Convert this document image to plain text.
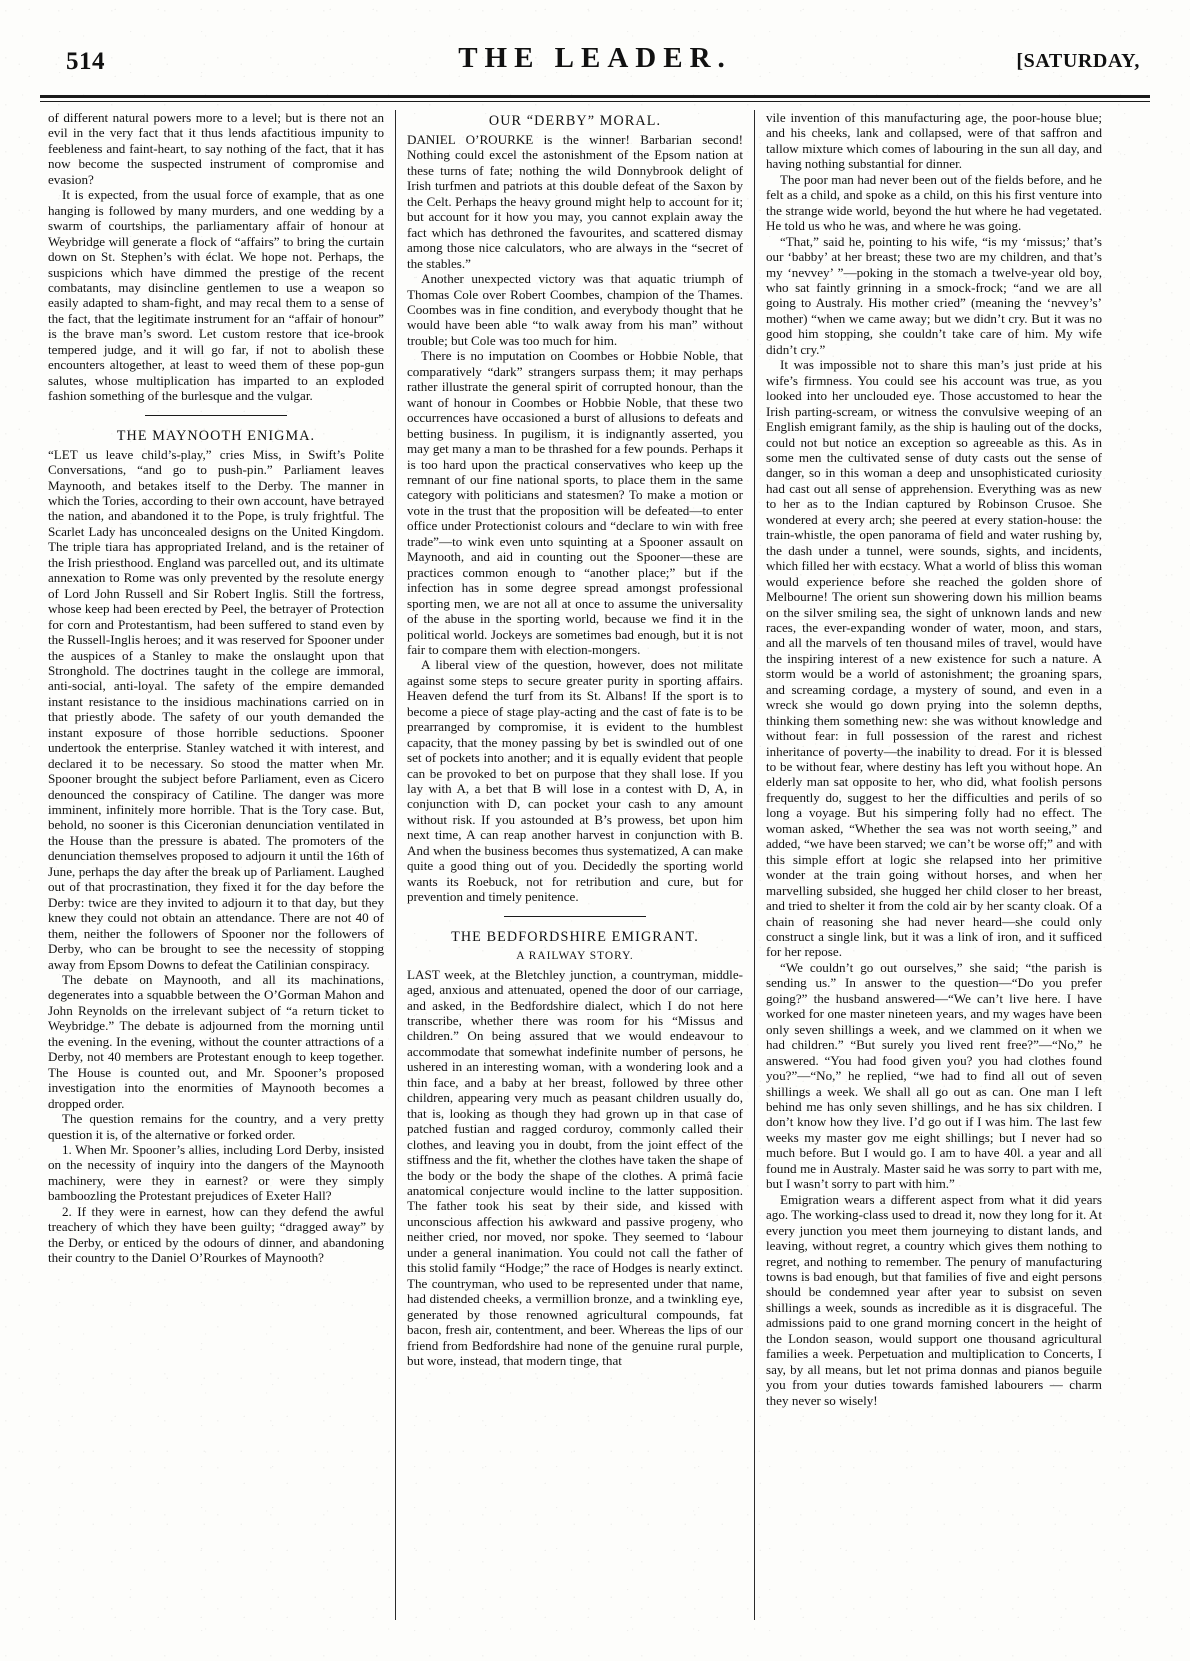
514	THE LEADER.	[SATURDAY,

of different natural powers more to a level; but is there not an evil in the very fact that it thus lends afactitious impunity to feebleness and faint-heart, to say nothing of the fact, that it has now become the suspected instrument of compromise and evasion?

It is expected, from the usual force of example, that as one hanging is followed by many murders, and one wedding by a swarm of courtships, the parliamentary affair of honour at Weybridge will generate a flock of “affairs” to bring the curtain down on St. Stephen’s with éclat. We hope not. Perhaps, the suspicions which have dimmed the prestige of the recent combatants, may disincline gentlemen to use a weapon so easily adapted to sham-fight, and may recal them to a sense of the fact, that the legitimate instrument for an “affair of honour” is the brave man’s sword. Let custom restore that ice-brook tempered judge, and it will go far, if not to abolish these encounters altogether, at least to weed them of these pop-gun salutes, whose multiplication has imparted to an exploded fashion something of the burlesque and the vulgar.

THE MAYNOOTH ENIGMA.

“LET us leave child’s-play,” cries Miss, in Swift’s Polite Conversations, “and go to push-pin.” Parliament leaves Maynooth, and betakes itself to the Derby. The manner in which the Tories, according to their own account, have betrayed the nation, and abandoned it to the Pope, is truly frightful. The Scarlet Lady has unconcealed designs on the United Kingdom. The triple tiara has appropriated Ireland, and is the retainer of the Irish priesthood. England was parcelled out, and its ultimate annexation to Rome was only prevented by the resolute energy of Lord John Russell and Sir Robert Inglis. Still the fortress, whose keep had been erected by Peel, the betrayer of Protection for corn and Protestantism, had been suffered to stand even by the Russell-Inglis heroes; and it was reserved for Spooner under the auspices of a Stanley to make the onslaught upon that Stronghold. The doctrines taught in the college are immoral, anti-social, anti-loyal. The safety of the empire demanded instant resistance to the insidious machinations carried on in that priestly abode. The safety of our youth demanded the instant exposure of those horrible seductions. Spooner undertook the enterprise. Stanley watched it with interest, and declared it to be necessary. So stood the matter when Mr. Spooner brought the subject before Parliament, even as Cicero denounced the conspiracy of Catiline. The danger was more imminent, infinitely more horrible. That is the Tory case. But, behold, no sooner is this Ciceronian denunciation ventilated in the House than the pressure is abated. The promoters of the denunciation themselves proposed to adjourn it until the 16th of June, perhaps the day after the break up of Parliament. Laughed out of that procrastination, they fixed it for the day before the Derby: twice are they invited to adjourn it to that day, but they knew they could not obtain an attendance. There are not 40 of them, neither the followers of Spooner nor the followers of Derby, who can be brought to see the necessity of stopping away from Epsom Downs to defeat the Catilinian conspiracy.

The debate on Maynooth, and all its machinations, degenerates into a squabble between the O’Gorman Mahon and John Reynolds on the irrelevant subject of “a return ticket to Weybridge.” The debate is adjourned from the morning until the evening. In the evening, without the counter attractions of a Derby, not 40 members are Protestant enough to keep together. The House is counted out, and Mr. Spooner’s proposed investigation into the enormities of Maynooth becomes a dropped order.

The question remains for the country, and a very pretty question it is, of the alternative or forked order.

1. When Mr. Spooner’s allies, including Lord Derby, insisted on the necessity of inquiry into the dangers of the Maynooth machinery, were they in earnest? or were they simply bamboozling the Protestant prejudices of Exeter Hall?

2. If they were in earnest, how can they defend the awful treachery of which they have been guilty; “dragged away” by the Derby, or enticed by the odours of dinner, and abandoning their country to the Daniel O’Rourkes of Maynooth?

OUR “DERBY” MORAL.

DANIEL O’ROURKE is the winner! Barbarian second! Nothing could excel the astonishment of the Epsom nation at these turns of fate; nothing the wild Donnybrook delight of Irish turfmen and patriots at this double defeat of the Saxon by the Celt. Perhaps the heavy ground might help to account for it; but account for it how you may, you cannot explain away the fact which has dethroned the favourites, and scattered dismay among those nice calculators, who are always in the “secret of the stables.”

Another unexpected victory was that aquatic triumph of Thomas Cole over Robert Coombes, champion of the Thames. Coombes was in fine condition, and everybody thought that he would have been able “to walk away from his man” without trouble; but Cole was too much for him.

There is no imputation on Coombes or Hobbie Noble, that comparatively “dark” strangers surpass them; it may perhaps rather illustrate the general spirit of corrupted honour, than the want of honour in Coombes or Hobbie Noble, that these two occurrences have occasioned a burst of allusions to defeats and betting business. In pugilism, it is indignantly asserted, you may get many a man to be thrashed for a few pounds. Perhaps it is too hard upon the practical conservatives who keep up the remnant of our fine national sports, to place them in the same category with politicians and statesmen? To make a motion or vote in the trust that the proposition will be defeated—to enter office under Protectionist colours and “declare to win with free trade”—to wink even unto squinting at a Spooner assault on Maynooth, and aid in counting out the Spooner—these are practices common enough to “another place;” but if the infection has in some degree spread amongst professional sporting men, we are not all at once to assume the universality of the abuse in the sporting world, because we find it in the political world. Jockeys are sometimes bad enough, but it is not fair to compare them with election-mongers.

A liberal view of the question, however, does not militate against some steps to secure greater purity in sporting affairs. Heaven defend the turf from its St. Albans! If the sport is to become a piece of stage play-acting and the cast of fate is to be prearranged by compromise, it is evident to the humblest capacity, that the money passing by bet is swindled out of one set of pockets into another; and it is equally evident that people can be provoked to bet on purpose that they shall lose. If you lay with A, a bet that B will lose in a contest with D, A, in conjunction with D, can pocket your cash to any amount without risk. If you astounded at B’s prowess, bet upon him next time, A can reap another harvest in conjunction with B. And when the business becomes thus systematized, A can make quite a good thing out of you. Decidedly the sporting world wants its Roebuck, not for retribution and cure, but for prevention and timely penitence.

THE BEDFORDSHIRE EMIGRANT.
A RAILWAY STORY.

LAST week, at the Bletchley junction, a countryman, middle-aged, anxious and attenuated, opened the door of our carriage, and asked, in the Bedfordshire dialect, which I do not here transcribe, whether there was room for his “Missus and children.” On being assured that we would endeavour to accommodate that somewhat indefinite number of persons, he ushered in an interesting woman, with a wondering look and a thin face, and a baby at her breast, followed by three other children, appearing very much as peasant children usually do, that is, looking as though they had grown up in that case of patched fustian and ragged corduroy, commonly called their clothes, and leaving you in doubt, from the joint effect of the stiffness and the fit, whether the clothes have taken the shape of the body or the body the shape of the clothes. A primâ facie anatomical conjecture would incline to the latter supposition. The father took his seat by their side, and kissed with unconscious affection his awkward and passive progeny, who neither cried, nor moved, nor spoke. They seemed to ‘labour under a general inanimation. You could not call the father of this stolid family “Hodge;” the race of Hodges is nearly extinct. The countryman, who used to be represented under that name, had distended cheeks, a vermillion bronze, and a twinkling eye, generated by those renowned agricultural compounds, fat bacon, fresh air, contentment, and beer. Whereas the lips of our friend from Bedfordshire had none of the genuine rural purple, but wore, instead, that modern tinge, that

vile invention of this manufacturing age, the poor-house blue; and his cheeks, lank and collapsed, were of that saffron and tallow mixture which comes of labouring in the sun all day, and having nothing substantial for dinner.

The poor man had never been out of the fields before, and he felt as a child, and spoke as a child, on this his first venture into the strange wide world, beyond the hut where he had vegetated. He told us who he was, and where he was going.

“That,” said he, pointing to his wife, “is my ‘missus;’ that’s our ‘babby’ at her breast; these two are my children, and that’s my ‘nevvey’ ”—poking in the stomach a twelve-year old boy, who sat faintly grinning in a smock-frock; “and we are all going to Australy. His mother cried” (meaning the ‘nevvey’s’ mother) “when we came away; but we didn’t cry. But it was no good him stopping, she couldn’t take care of him. My wife didn’t cry.”

It was impossible not to share this man’s just pride at his wife’s firmness. You could see his account was true, as you looked into her unclouded eye. Those accustomed to hear the Irish parting-scream, or witness the convulsive weeping of an English emigrant family, as the ship is hauling out of the docks, could not but notice an exception so agreeable as this. As in some men the cultivated sense of duty casts out the sense of danger, so in this woman a deep and unsophisticated curiosity had cast out all sense of apprehension. Everything was as new to her as to the Indian captured by Robinson Crusoe. She wondered at every arch; she peered at every station-house: the train-whistle, the open panorama of field and water rushing by, the dash under a tunnel, were sounds, sights, and incidents, which filled her with ecstacy. What a world of bliss this woman would experience before she reached the golden shore of Melbourne! The orient sun showering down his million beams on the silver smiling sea, the sight of unknown lands and new races, the ever-expanding wonder of water, moon, and stars, and all the marvels of ten thousand miles of travel, would have the inspiring interest of a new existence for such a nature. A storm would be a world of astonishment; the groaning spars, and screaming cordage, a mystery of sound, and even in a wreck she would go down prying into the solemn depths, thinking them something new: she was without knowledge and without fear: in full possession of the rarest and richest inheritance of poverty—the inability to dread. For it is blessed to be without fear, where destiny has left you without hope. An elderly man sat opposite to her, who did, what foolish persons frequently do, suggest to her the difficulties and perils of so long a voyage. But his simpering folly had no effect. The woman asked, “Whether the sea was not worth seeing,” and added, “we have been starved; we can’t be worse off;” and with this simple effort at logic she relapsed into her primitive wonder at the train going without horses, and when her marvelling subsided, she hugged her child closer to her breast, and tried to shelter it from the cold air by her scanty cloak. Of a chain of reasoning she had never heard—she could only construct a single link, but it was a link of iron, and it sufficed for her repose.

“We couldn’t go out ourselves,” she said; “the parish is sending us.” In answer to the question—“Do you prefer going?” the husband answered—“We can’t live here. I have worked for one master nineteen years, and my wages have been only seven shillings a week, and we clammed on it when we had children.” “But surely you lived rent free?”—“No,” he answered. “You had food given you? you had clothes found you?”—“No,” he replied, “we had to find all out of seven shillings a week. We shall all go out as can. One man I left behind me has only seven shillings, and he has six children. I don’t know how they live. I’d go out if I was him. The last few weeks my master gov me eight shillings; but I never had so much before. But I would go. I am to have 40l. a year and all found me in Australy. Master said he was sorry to part with me, but I wasn’t sorry to part with him.”

Emigration wears a different aspect from what it did years ago. The working-class used to dread it, now they long for it. At every junction you meet them journeying to distant lands, and leaving, without regret, a country which gives them nothing to regret, and nothing to remember. The penury of manufacturing towns is bad enough, but that families of five and eight persons should be condemned year after year to subsist on seven shillings a week, sounds as incredible as it is disgraceful. The admissions paid to one grand morning concert in the height of the London season, would support one thousand agricultural families a week. Perpetuation and multiplication to Concerts, I say, by all means, but let not prima donnas and pianos beguile you from your duties towards famished labourers — charm they never so wisely!
